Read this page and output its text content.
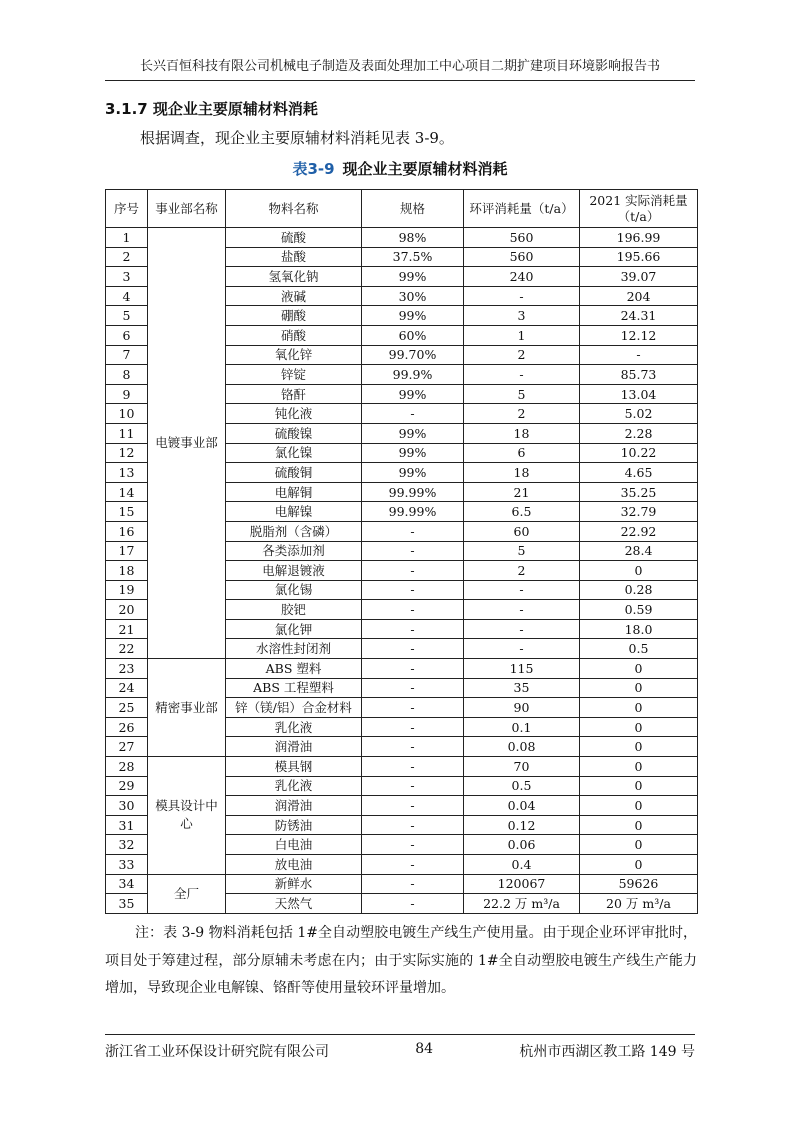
长兴百恒科技有限公司机械电子制造及表面处理加工中心项目二期扩建项目环境影响报告书
3.1.7 现企业主要原辅材料消耗
根据调查，现企业主要原辅材料消耗见表 3-9。
表3-9 现企业主要原辅材料消耗
序号	事业部名称	物料名称	规格	环评消耗量（t/a）	2021 实际消耗量（t/a）
1	电镀事业部	硫酸	98%	560	196.99
2		盐酸	37.5%	560	195.66
3		氢氧化钠	99%	240	39.07
4		液碱	30%	-	204
5		硼酸	99%	3	24.31
6		硝酸	60%	1	12.12
7		氧化锌	99.70%	2	-
8		锌锭	99.9%	-	85.73
9		铬酐	99%	5	13.04
10		钝化液	-	2	5.02
11		硫酸镍	99%	18	2.28
12		氯化镍	99%	6	10.22
13		硫酸铜	99%	18	4.65
14		电解铜	99.99%	21	35.25
15		电解镍	99.99%	6.5	32.79
16		脱脂剂（含磷）	-	60	22.92
17		各类添加剂	-	5	28.4
18		电解退镀液	-	2	0
19		氯化锡	-	-	0.28
20		胶钯	-	-	0.59
21		氯化钾	-	-	18.0
22		水溶性封闭剂	-	-	0.5
23	精密事业部	ABS 塑料	-	115	0
24		ABS 工程塑料	-	35	0
25		锌（镁/铝）合金材料	-	90	0
26		乳化液	-	0.1	0
27		润滑油	-	0.08	0
28	模具设计中心	模具钢	-	70	0
29		乳化液	-	0.5	0
30		润滑油	-	0.04	0
31		防锈油	-	0.12	0
32		白电油	-	0.06	0
33		放电油	-	0.4	0
34	全厂	新鲜水	-	120067	59626
35		天然气	-	22.2 万 m³/a	20 万 m³/a
注：表 3-9 物料消耗包括 1#全自动塑胶电镀生产线生产使用量。由于现企业环评审批时，项目处于筹建过程，部分原辅未考虑在内；由于实际实施的 1#全自动塑胶电镀生产线生产能力增加，导致现企业电解镍、铬酐等使用量较环评量增加。
浙江省工业环保设计研究院有限公司	84	杭州市西湖区教工路 149 号
